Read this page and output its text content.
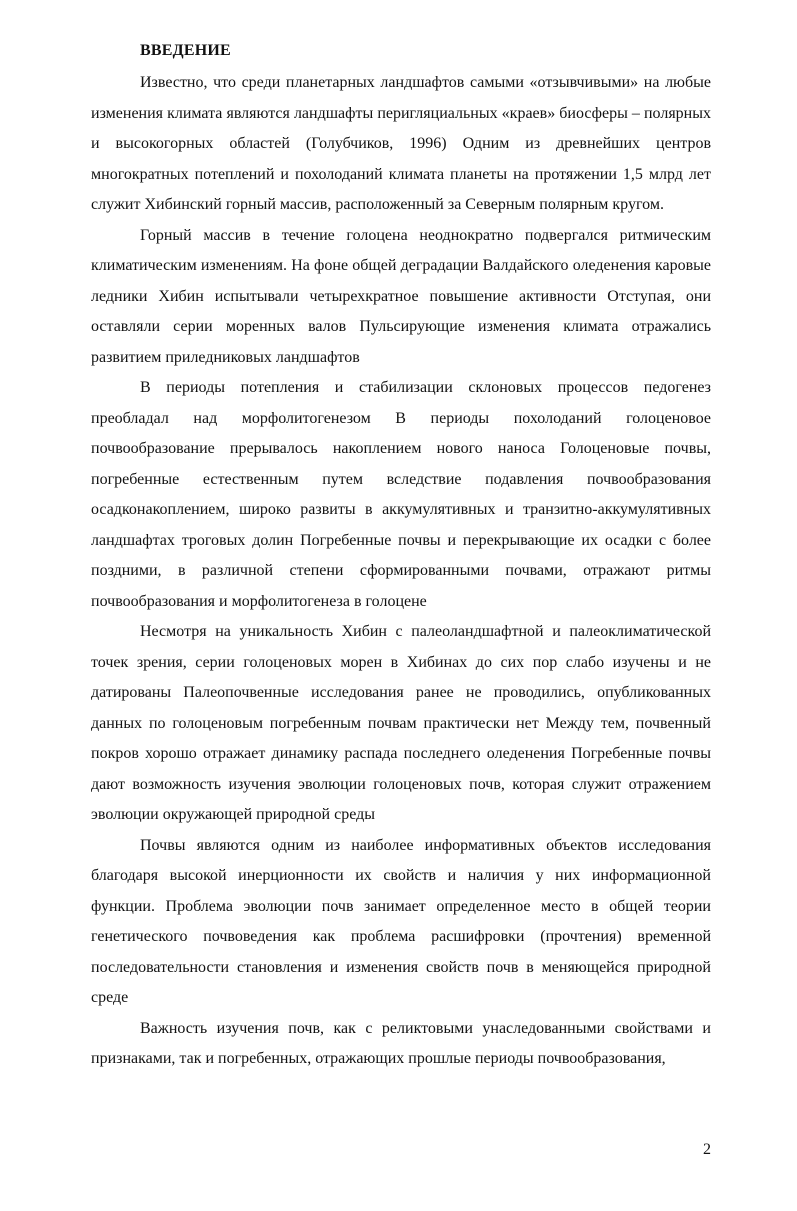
ВВЕДЕНИЕ

Известно, что среди планетарных ландшафтов самыми «отзывчивыми» на любые изменения климата являются ландшафты перигляциальных «краев» биосферы – полярных и высокогорных областей (Голубчиков, 1996) Одним из древнейших центров многократных потеплений и похолоданий климата планеты на протяжении 1,5 млрд лет служит Хибинский горный массив, расположенный за Северным полярным кругом.

Горный массив в течение голоцена неоднократно подвергался ритмическим климатическим изменениям. На фоне общей деградации Валдайского оледенения каровые ледники Хибин испытывали четырехкратное повышение активности Отступая, они оставляли серии моренных валов Пульсирующие изменения климата отражались развитием приледниковых ландшафтов

В периоды потепления и стабилизации склоновых процессов педогенез преобладал над морфолитогенезом В периоды похолоданий голоценовое почвообразование прерывалось накоплением нового наноса Голоценовые почвы, погребенные естественным путем вследствие подавления почвообразования осадконакоплением, широко развиты в аккумулятивных и транзитно-аккумулятивных ландшафтах троговых долин Погребенные почвы и перекрывающие их осадки с более поздними, в различной степени сформированными почвами, отражают ритмы почвообразования и морфолитогенеза в голоцене

Несмотря на уникальность Хибин с палеоландшафтной и палеоклиматической точек зрения, серии голоценовых морен в Хибинах до сих пор слабо изучены и не датированы Палеопочвенные исследования ранее не проводились, опубликованных данных по голоценовым погребенным почвам практически нет Между тем, почвенный покров хорошо отражает динамику распада последнего оледенения Погребенные почвы дают возможность изучения эволюции голоценовых почв, которая служит отражением эволюции окружающей природной среды

Почвы являются одним из наиболее информативных объектов исследования благодаря высокой инерционности их свойств и наличия у них информационной функции. Проблема эволюции почв занимает определенное место в общей теории генетического почвоведения как проблема расшифровки (прочтения) временной последовательности становления и изменения свойств почв в меняющейся природной среде

Важность изучения почв, как с реликтовыми унаследованными свойствами и признаками, так и погребенных, отражающих прошлые периоды почвообразования,

2
